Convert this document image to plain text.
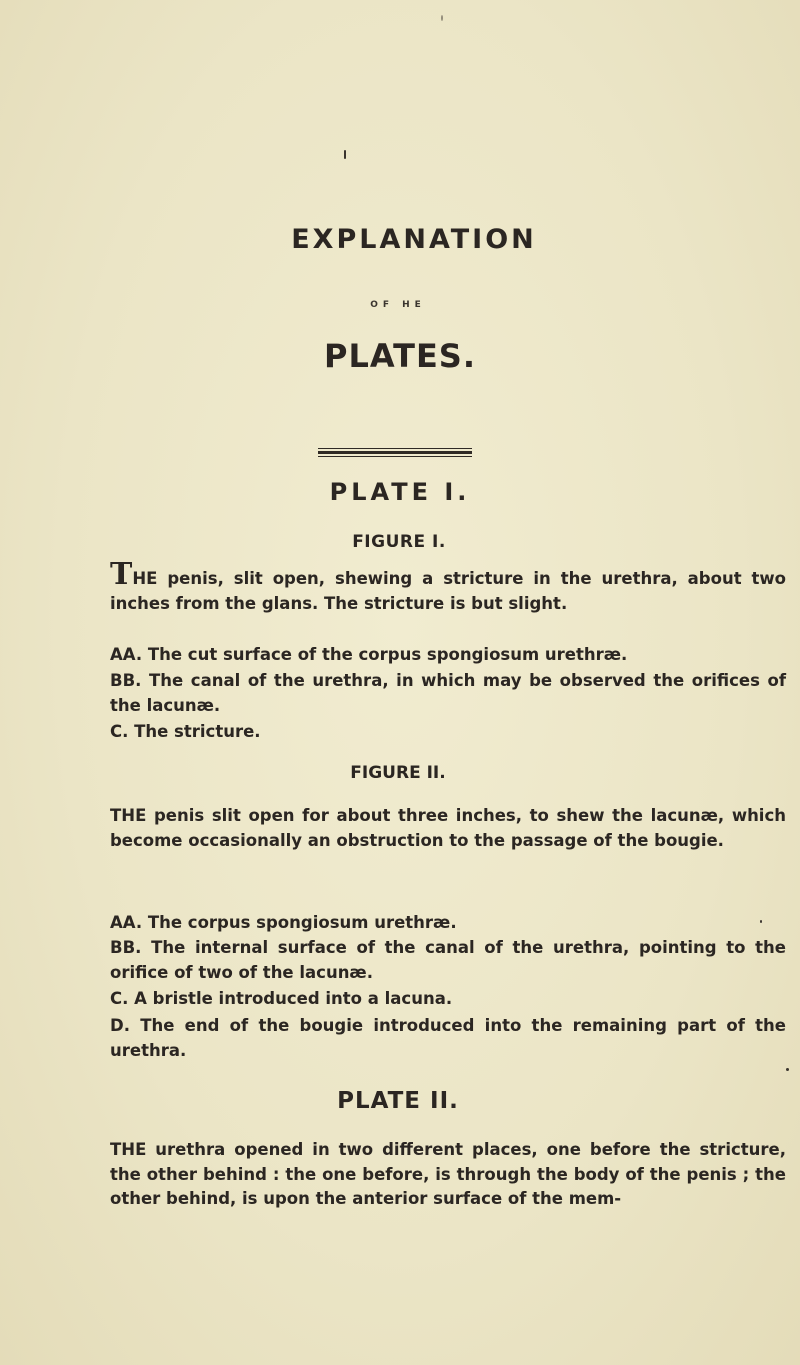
EXPLANATION
OF HE
PLATES.
PLATE I.
FIGURE I.

THE penis, slit open, shewing a stricture in the urethra, about two inches from the glans. The stricture is but slight.

AA. The cut surface of the corpus spongiosum urethræ.

BB. The canal of the urethra, in which may be observed the orifices of the lacunæ.

C. The stricture.

FIGURE II.

THE penis slit open for about three inches, to shew the lacunæ, which become occasionally an obstruction to the passage of the bougie.

AA. The corpus spongiosum urethræ.

BB. The internal surface of the canal of the urethra, pointing to the orifice of two of the lacunæ.

C. A bristle introduced into a lacuna.

D. The end of the bougie introduced into the remaining part of the urethra.

PLATE II.

THE urethra opened in two different places, one before the stricture, the other behind : the one before, is through the body of the penis ; the other behind, is upon the anterior surface of the mem-
